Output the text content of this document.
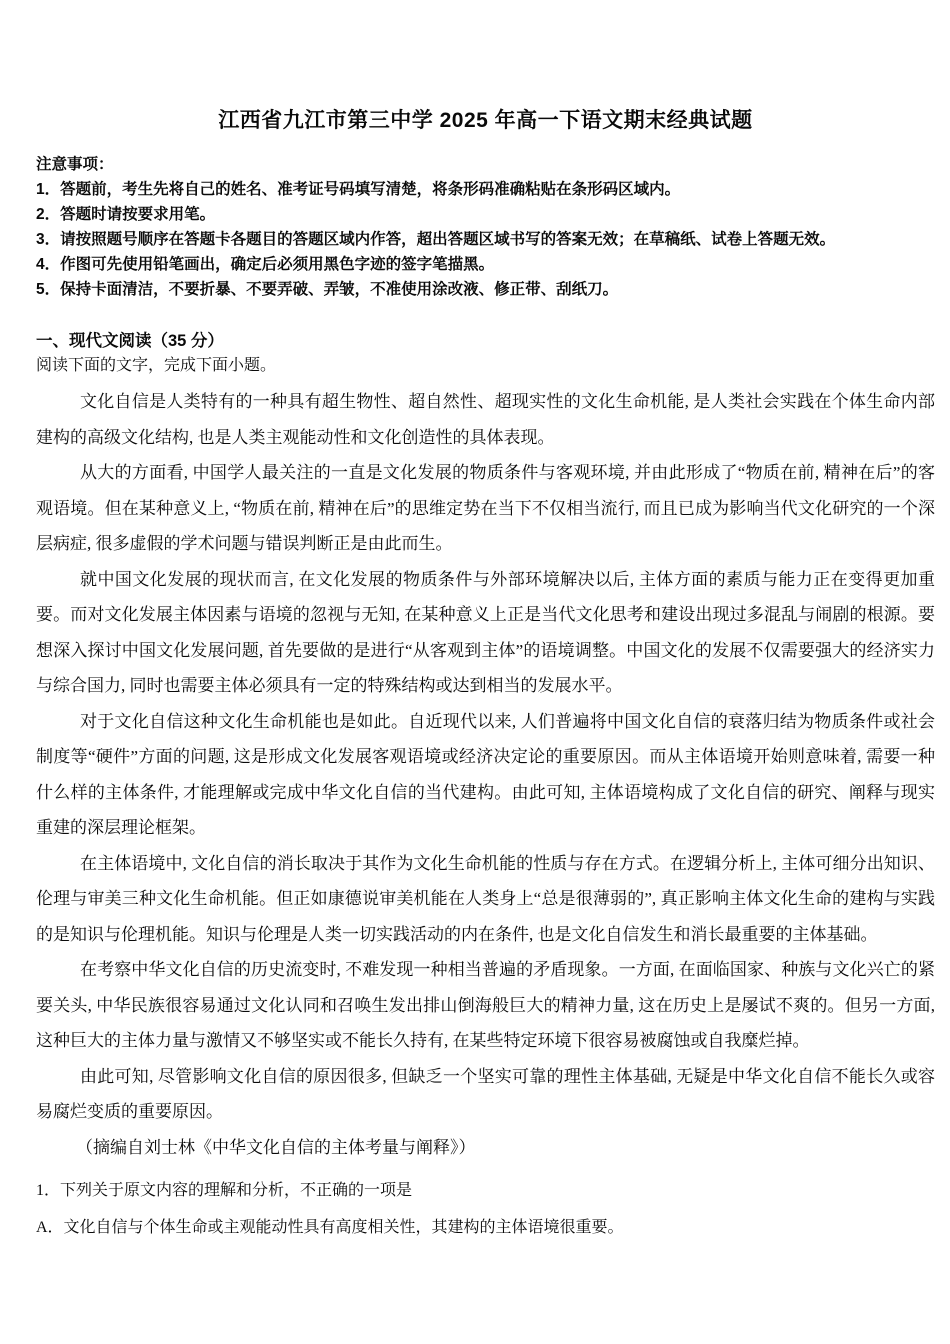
江西省九江市第三中学 2025 年高一下语文期末经典试题
注意事项：

1．答题前，考生先将自己的姓名、准考证号码填写清楚，将条形码准确粘贴在条形码区域内。

2．答题时请按要求用笔。

3．请按照题号顺序在答题卡各题目的答题区域内作答，超出答题区域书写的答案无效；在草稿纸、试卷上答题无效。

4．作图可先使用铅笔画出，确定后必须用黑色字迹的签字笔描黑。

5．保持卡面清洁，不要折暴、不要弄破、弄皱，不准使用涂改液、修正带、刮纸刀。

一、现代文阅读（35 分）
阅读下面的文字，完成下面小题。

文化自信是人类特有的一种具有超生物性、超自然性、超现实性的文化生命机能, 是人类社会实践在个体生命内部建构的高级文化结构, 也是人类主观能动性和文化创造性的具体表现。

从大的方面看, 中国学人最关注的一直是文化发展的物质条件与客观环境, 并由此形成了“物质在前, 精神在后”的客观语境。但在某种意义上, “物质在前, 精神在后”的思维定势在当下不仅相当流行, 而且已成为影响当代文化研究的一个深层病症, 很多虚假的学术问题与错误判断正是由此而生。

就中国文化发展的现状而言, 在文化发展的物质条件与外部环境解决以后, 主体方面的素质与能力正在变得更加重要。而对文化发展主体因素与语境的忽视与无知, 在某种意义上正是当代文化思考和建设出现过多混乱与闹剧的根源。要想深入探讨中国文化发展问题, 首先要做的是进行“从客观到主体”的语境调整。中国文化的发展不仅需要强大的经济实力与综合国力, 同时也需要主体必须具有一定的特殊结构或达到相当的发展水平。

对于文化自信这种文化生命机能也是如此。自近现代以来, 人们普遍将中国文化自信的衰落归结为物质条件或社会制度等“硬件”方面的问题, 这是形成文化发展客观语境或经济决定论的重要原因。而从主体语境开始则意味着, 需要一种什么样的主体条件, 才能理解或完成中华文化自信的当代建构。由此可知, 主体语境构成了文化自信的研究、阐释与现实重建的深层理论框架。

在主体语境中, 文化自信的消长取决于其作为文化生命机能的性质与存在方式。在逻辑分析上, 主体可细分出知识、伦理与审美三种文化生命机能。但正如康德说审美机能在人类身上“总是很薄弱的”, 真正影响主体文化生命的建构与实践的是知识与伦理机能。知识与伦理是人类一切实践活动的内在条件, 也是文化自信发生和消长最重要的主体基础。

在考察中华文化自信的历史流变时, 不难发现一种相当普遍的矛盾现象。一方面, 在面临国家、种族与文化兴亡的紧要关头, 中华民族很容易通过文化认同和召唤生发出排山倒海般巨大的精神力量, 这在历史上是屡试不爽的。但另一方面, 这种巨大的主体力量与激情又不够坚实或不能长久持有, 在某些特定环境下很容易被腐蚀或自我糜烂掉。

由此可知, 尽管影响文化自信的原因很多, 但缺乏一个坚实可靠的理性主体基础, 无疑是中华文化自信不能长久或容易腐烂变质的重要原因。

（摘编自刘士林《中华文化自信的主体考量与阐释》）
1．下列关于原文内容的理解和分析，不正确的一项是
A．文化自信与个体生命或主观能动性具有高度相关性，其建构的主体语境很重要。
